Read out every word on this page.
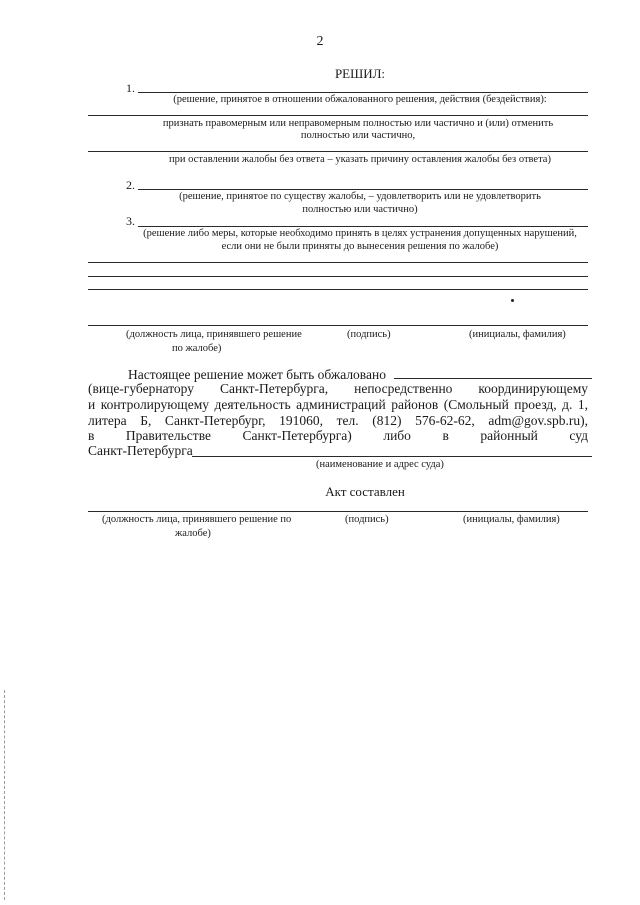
2
РЕШИЛ:
1.
(решение, принятое в отношении обжалованного решения, действия (бездействия):
признать правомерным или неправомерным полностью или частично и (или) отменить
полностью или частично,
при оставлении жалобы без ответа – указать причину оставления жалобы без ответа)
2.
(решение, принятое по существу жалобы, – удовлетворить или не удовлетворить
полностью или частично)
3.
(решение либо меры, которые необходимо принять в целях устранения допущенных нарушений,
если они не были приняты до вынесения решения по жалобе)
(должность лица, принявшего решение
по жалобе)
(подпись)	(инициалы, фамилия)
Настоящее решение может быть обжаловано
(вице-губернатору Санкт-Петербурга, непосредственно координирующему
и контролирующему деятельность администраций районов (Смольный проезд, д. 1,
литера Б, Санкт-Петербург, 191060, тел. (812) 576-62-62, adm@gov.spb.ru),
в Правительстве Санкт-Петербурга) либо в районный суд
Санкт-Петербурга
(наименование и адрес суда)
Акт составлен
(должность лица, принявшего решение по
жалобе)
(подпись)	(инициалы, фамилия)
